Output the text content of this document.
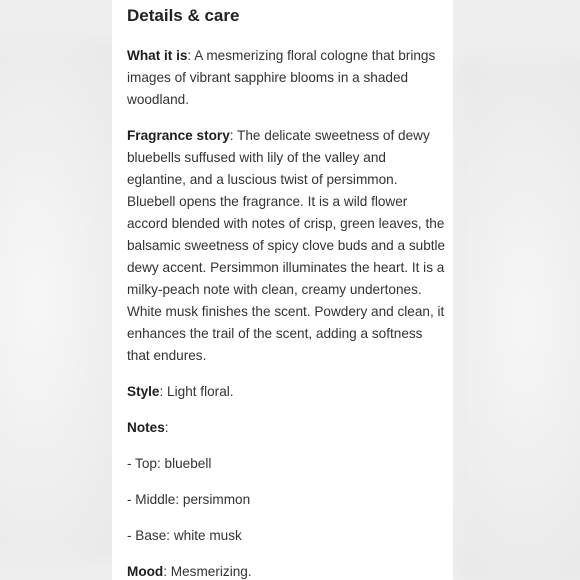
Details & care

What it is: A mesmerizing floral cologne that brings images of vibrant sapphire blooms in a shaded woodland.

Fragrance story: The delicate sweetness of dewy bluebells suffused with lily of the valley and eglantine, and a luscious twist of persimmon. Bluebell opens the fragrance. It is a wild flower accord blended with notes of crisp, green leaves, the balsamic sweetness of spicy clove buds and a subtle dewy accent. Persimmon illuminates the heart. It is a milky-peach note with clean, creamy undertones. White musk finishes the scent. Powdery and clean, it enhances the trail of the scent, adding a softness that endures.

Style: Light floral.

Notes:

- Top: bluebell

- Middle: persimmon

- Base: white musk

Mood: Mesmerizing.
